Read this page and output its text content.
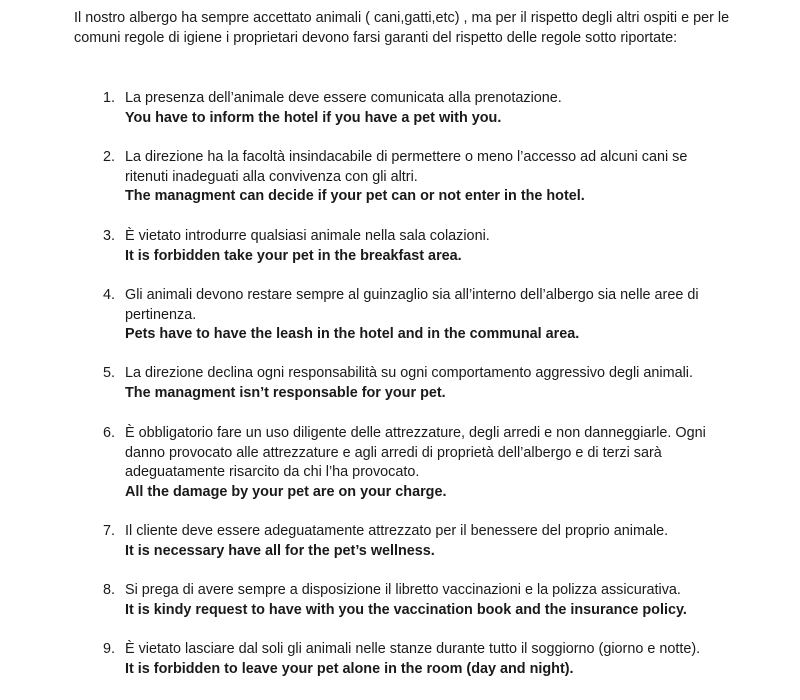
Il nostro albergo ha sempre accettato animali ( cani,gatti,etc) , ma per il rispetto degli altri ospiti e per le comuni regole di igiene i proprietari devono farsi garanti del rispetto delle regole sotto riportate:

1. La presenza dell’animale deve essere comunicata alla prenotazione.

You have to inform the hotel if you have a pet with you.

2. La direzione ha la facoltà insindacabile di permettere o meno l’accesso ad alcuni cani se ritenuti inadeguati alla convivenza con gli altri.

The managment can decide if your pet can or not enter in the hotel.

3. È vietato introdurre qualsiasi animale nella sala colazioni.

It is forbidden take your pet in the breakfast area.

4. Gli animali devono restare sempre al guinzaglio sia all’interno dell’albergo sia nelle aree di pertinenza.

Pets have to have the leash in the hotel and in the communal area.

5. La direzione declina ogni responsabilità su ogni comportamento aggressivo degli animali.

The managment isn’t responsable for your pet.

6. È obbligatorio fare un uso diligente delle attrezzature, degli arredi e non danneggiarle. Ogni danno provocato alle attrezzature e agli arredi di proprietà dell’albergo e di terzi sarà adeguatamente risarcito da chi l’ha provocato.

All the damage by your pet are on your charge.

7. Il cliente deve essere adeguatamente attrezzato per il benessere del proprio animale.

It is necessary have all for the pet’s wellness.

8. Si prega di avere sempre a disposizione il libretto vaccinazioni e la polizza assicurativa.

It is kindy request to have with you the vaccination book and the insurance policy.

9. È vietato lasciare dal soli gli animali nelle stanze durante tutto il soggiorno (giorno e notte).

It is forbidden to leave your pet alone in the room (day and night).
